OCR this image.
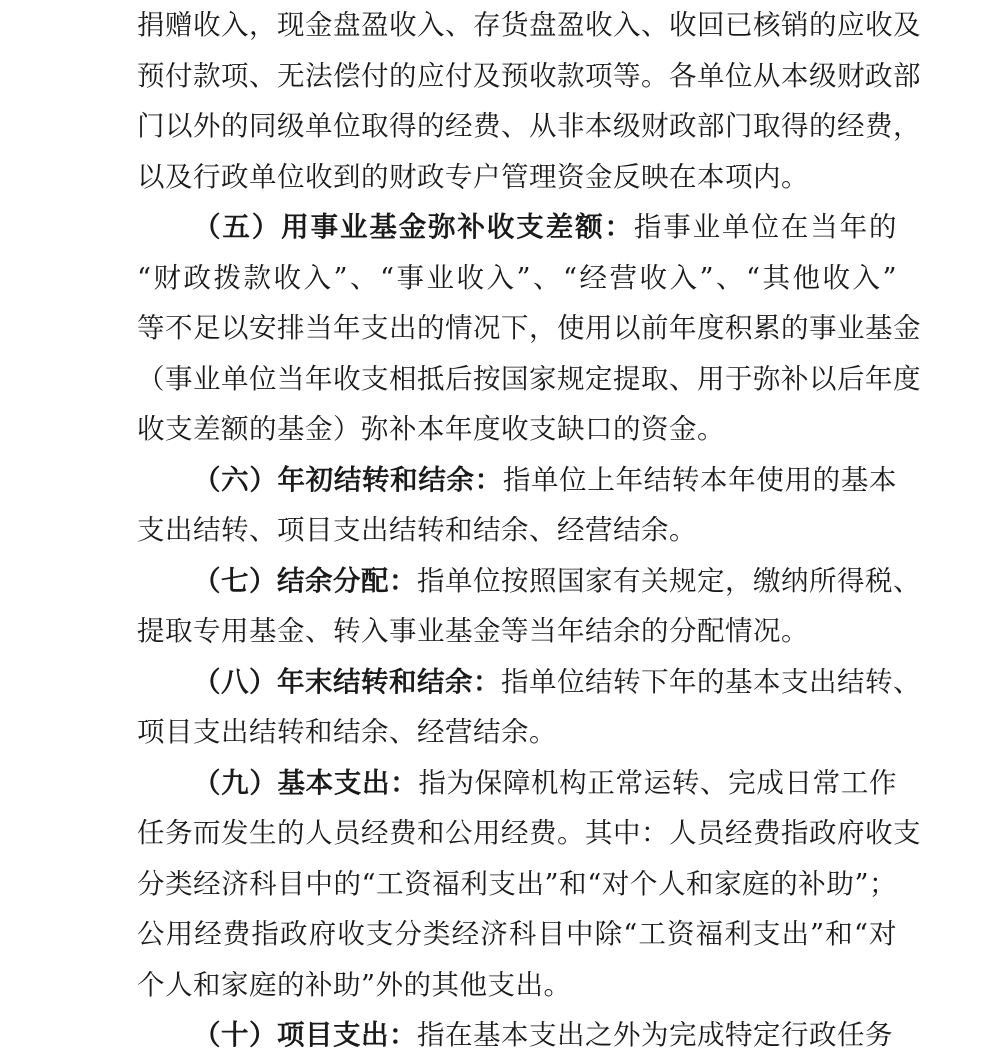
捐赠收入，现金盘盈收入、存货盘盈收入、收回已核销的应收及
预付款项、无法偿付的应付及预收款项等。各单位从本级财政部
门以外的同级单位取得的经费、从非本级财政部门取得的经费，
以及行政单位收到的财政专户管理资金反映在本项内。
（五）用事业基金弥补收支差额：指事业单位在当年的
“财政拨款收入”、“事业收入”、“经营收入”、“其他收入”
等不足以安排当年支出的情况下，使用以前年度积累的事业基金
（事业单位当年收支相抵后按国家规定提取、用于弥补以后年度
收支差额的基金）弥补本年度收支缺口的资金。
（六）年初结转和结余：指单位上年结转本年使用的基本
支出结转、项目支出结转和结余、经营结余。
（七）结余分配：指单位按照国家有关规定，缴纳所得税、
提取专用基金、转入事业基金等当年结余的分配情况。
（八）年末结转和结余：指单位结转下年的基本支出结转、
项目支出结转和结余、经营结余。
（九）基本支出：指为保障机构正常运转、完成日常工作
任务而发生的人员经费和公用经费。其中：人员经费指政府收支
分类经济科目中的“工资福利支出”和“对个人和家庭的补助”；
公用经费指政府收支分类经济科目中除“工资福利支出”和“对
个人和家庭的补助”外的其他支出。
（十）项目支出：指在基本支出之外为完成特定行政任务
